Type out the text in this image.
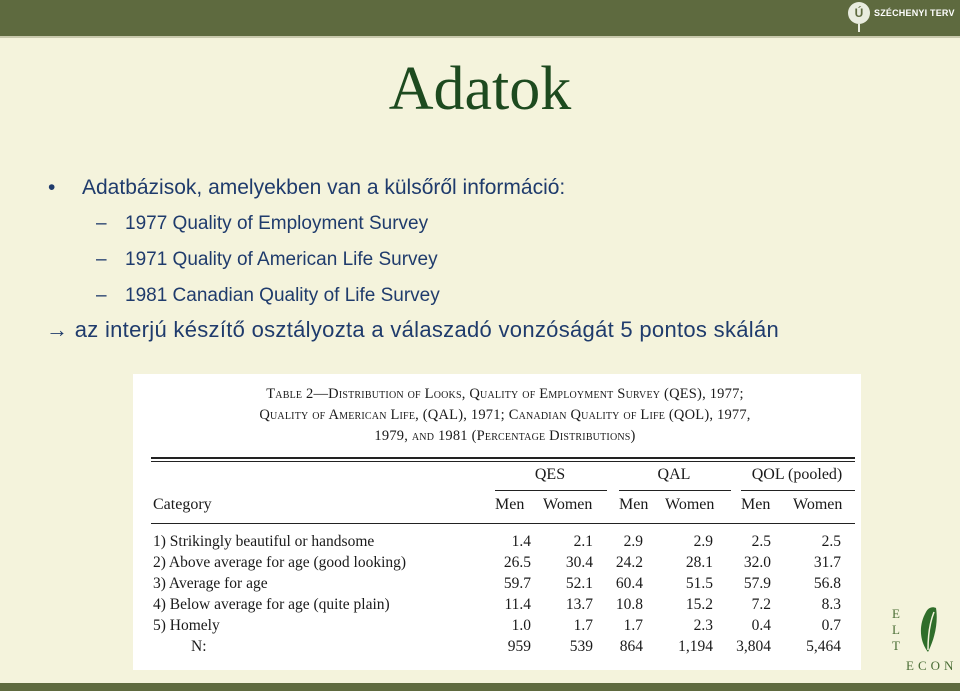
Ú	SZÉCHENYI TERV
Adatok
• Adatbázisok, amelyekben van a külsőről információ:
– 1977 Quality of Employment Survey
– 1971 Quality of American Life Survey
– 1981 Canadian Quality of Life Survey
→ az interjú készítő osztályozta a válaszadó vonzóságát 5 pontos skálán
Table 2—Distribution of Looks, Quality of Employment Survey (QES), 1977;
Quality of American Life, (QAL), 1971; Canadian Quality of Life (QOL), 1977,
1979, and 1981 (Percentage Distributions)
QES	QAL	QOL (pooled)
Category	Men Women Men Women Men Women
1) Strikingly beautiful or handsome	1.4	2.1	2.9	2.9	2.5	2.5
2) Above average for age (good looking)	26.5	30.4	24.2	28.1	32.0	31.7
3) Average for age	59.7	52.1	60.4	51.5	57.9	56.8
4) Below average for age (quite plain)	11.4	13.7	10.8	15.2	7.2	8.3
5) Homely	1.0	1.7	1.7	2.3	0.4	0.7
N:	959	539	864	1,194	3,804	5,464
E
L
T
ECON
